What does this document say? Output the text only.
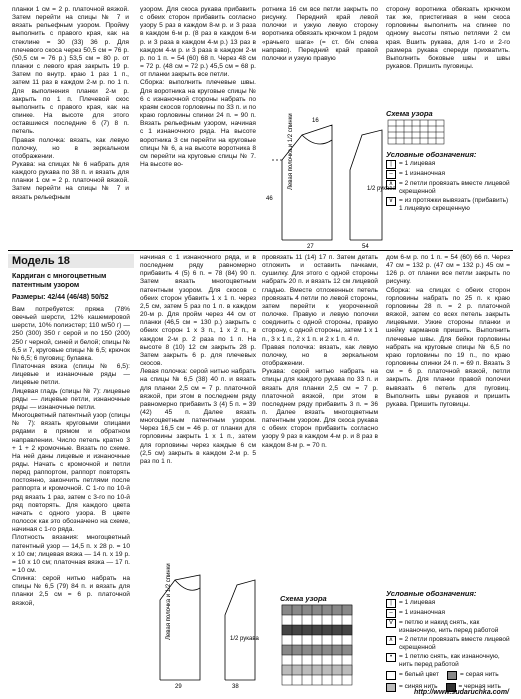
планки 1 см = 2 р. платочной вязкой. Затем перейти на спицы № 7 и вязать рельефным узором. Пройму выполнить с правого края, как на стеклине = 30 (33) 36 р. Для плечевого скоса через 50,5 см = 76 р. (50,5 см = 76 р.) 53,5 см = 80 р. от планки с левого края закрыть 19 р. Затем по внутр. краю 1 раз 1 п., затем 11 раз в каждом 2-м р. по 1 п. Для выполнения планки 2-м р. закрыть по 1 п. Плечевой скос выполнить с правого края, как на спинке. На высоте для этого оставшиеся последние 6 (7) 8 п. петель.

Правая полочка: вязать, как левую полочку, но в зеркальном отображении.

Рукава: на спицах № 6 набрать для каждого рукава по 38 п. и вязать для планки 1 см = 2 р. платочной вязкой. Затем перейти на спицы № 7 и вязать рельефным

узором. Для скоса рукава прибавить с обеих сторон прибавить согласно узору 5 раз в каждом 8-м р. и 3 раза в каждом 6-м р. (8 раз в каждом 6-м р. и 3 раза в каждом 4-м р.) 13 раз в каждом 4-м р. и 3 раза в каждом 2-м р. по 1 п. = 54 (60) 68 п. Через 48 см = 72 р. (48 см = 72 р.) 45,5 см = 68 р. от планки закрыть все петли.

Сборка: выполнить плечевые швы. Для воротника на круговые спицы № 6 с изнаночной стороны набрать по краям скосов горловины по 33 п. и по краю горловины спинки 24 п. = 90 п. Вязать рельефным узором, начиная с 1 изнаночного ряда. На высоте воротника 3 см перейти на круговые спицы № 6, а на высоте воротника 8 см перейти на круговые спицы № 7. На высоте во-

ротника 16 см все петли закрыть по рисунку. Передний край левой полочки и узкую левую сторону воротника обвязать крючком 1 рядом «рачьего шага» (= ст. б/н слева направо). Передний край правой полочки и узкую правую

сторону воротника обвязать крючком так же, пристегивая в нем скоса горловины выполнить на спинке по одному высоты пятью петлями 2 см края. Вшить рукава, для 1-го и 2-го размера рукава спереди прихватить. Выполнить боковые швы и швы рукавов. Пришить пуговицы.

Левая полочка и 1/2 спинки	1/2 рукава
27	54
46
16
Схема узора
Условные обозначения:
|	= 1 лицевая
– = 1 изнаночная
∧ = 2 петли провязать вместе лицевой скрещенной
∨ = из протяжки вывязать (прибавить) 1 лицевую скрещенную
Модель 18
Кардиган с многоцветным патентным узором
Размеры: 42/44 (46/48) 50/52

Вам потребуется: пряжа (78% овечьей шерсти, 12% кашемировой шерсти, 10% полиэстер; 110 м/50 г) — 250 (300) 350 г серой и по 150 (200) 250 г черной, синей и белой; спицы № 6,5 и 7, круговые спицы № 6,5; крючок № 6,5; 6 пуговиц; булавка.

Платочная вязка (спицы № 6,5): лицевые и изнаночные ряды — лицевые петли.

Лицевая гладь (спицы № 7): лицевые ряды — лицевые петли, изнаночные ряды — изнаночные петли.

Многоцветный патентный узор (спицы № 7): вязать круговыми спицами рядами в прямом и обратном направлении. Число петель кратно 3 + 1 + 2 кромочные. Вязать по схеме. На ней даны лицевые и изнаночные ряды. Начать с кромочной и петли перед раппортом, раппорт повторять постоянно, закончить петлями после раппорта и кромочной. С 1-го по 10-й ряд вязать 1 раз, затем с 3-го по 10-й ряд повторять. Для каждого цвета начать с одного узора. В цвете полосок как это обозначено на схеме, начиная с 1-го ряда.

Плотность вязания: многоцветный патентный узор — 14,5 п. х 28 р. = 10 х 10 см; лицевая вязка — 14 п. х 19 р. = 10 х 10 см; платочная вязка — 17 п. = 10 см.

Спинка: серой нитью набрать на спицы № 6,5 (79) 84 п. и вязать для планки 2,5 см = 6 р. платочной вязкой,

начиная с 1 изнаночного ряда, и в последнем ряду равномерно прибавить 4 (5) 6 п. = 78 (84) 90 п. Затем вязать многоцветным патентным узором. Для скосов с обеих сторон убавить 1 x 1 п. через 2,5 см, затем 5 раз по 1 п. в каждом 20-м р. Для пройм через 44 см от планки (46,5 см = 130 р.) закрыть с обеих сторон 1 x 3 п., 1 x 2 п., в каждом 2-м р. 2 раза по 1 п. На высоте 8 (10) 12 см закрыть 28 р. Затем закрыть 6 р. для плечевых скосов.

Левая полочка: серой нитью набрать на спицы № 6,5 (38) 40 п. и вязать для планки 2,5 см = 7 р. платочной вязкой, при этом в последнем ряду равномерно прибавить 3 (4) 5 п. = 39 (42) 45 п. Далее вязать многоцветным патентным узором. Через 16,5 см = 46 р. от планки для горловины закрыть 1 x 1 п., затем для горловины через каждые 6 см (2,5 см) закрыть в каждом 2-м р. 5 раз по 1 п.

провязать 11 (14) 17 п. Затем детать отложить и оставить пачками, сушилку. Для этого с одной стороны набрать 20 п. и вязать 12 см лицевой гладью. Вместе отложенных петель провязать 4 петли по левой стороны, затем перейти к укороченной полочке. Правую и левую полочки соединить с одной стороны, правую сторону, с одной стороны, затем 1 x 1 п., 3 x 1 п., 2 x 1 п. и 2 x 1 п. 4 п.

Правая полочка: вязать, как левую полочку, но в зеркальном отображении.

Рукава: серой нитью набрать на спицы для каждого рукава по 33 п. и вязать для планки 2,5 см = 7 р. платочной вязкой, при этом в последнем ряду прибавить 3 п. = 36 п. Далее вязать многоцветным патентным узором. Для скоса рукава с обеих сторон прибавить согласно узору 9 раз в каждом 4-м р. и 8 раз в каждом 8-м р. = 70 п.

дом 6-м р. по 1 п. = 54 (60) 66 п. Через 47 см = 132 р. (47 см = 132 р.) 45 см = 126 р. от планки все петли закрыть по рисунку.

Сборка: на спицах с обеих сторон горловины набрать по 25 п. к краю горловины 28 п. = 2 р. платочной вязкой, затем со всех петель закрыть лицевыми. Узкие стороны планки и шейку карманов пришить. Выполнить плечевые швы. Для бейки горловины набрать на круговые спицы № 6,5 по краю горловины по 19 п., по краю горловины спинки 24 п. = 69 п. Вязать 3 см = 6 р. платочной вязкой, петли закрыть. Для планки правой полочки вывязать 6 петель для пуговиц. Выполнить швы рукавов и пришить рукава. Пришить пуговицы.

Левая полочка и 1/2 спинки	1/2 рукава
29	38
Схема узора
Условные обозначения:
|	= 1 лицевая
– = 1 изнаночная
V = петлю и накид снять, как изнаночную, нить перед работой
∧ = 2 петли провязать вместе лицевой скрещенной
•	= 1 петлю снять, как изнаночную, нить перед работой
= белый цвет	= серая нить
= синяя нить	= черная нить
http://www.sudaruchka.com/
